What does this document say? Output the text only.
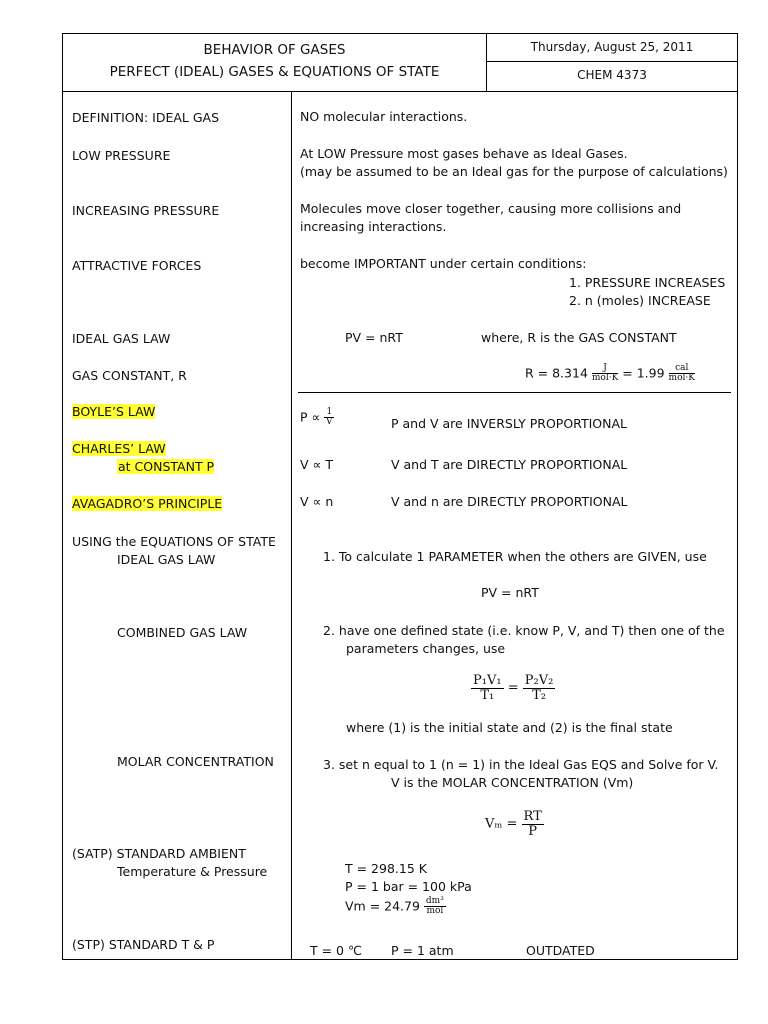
BEHAVIOR OF GASES
PERFECT (IDEAL) GASES & EQUATIONS OF STATE
Thursday, August 25, 2011
CHEM 4373
DEFINITION: IDEAL GAS	NO molecular interactions.
LOW PRESSURE	At LOW Pressure most gases behave as Ideal Gases.
(may be assumed to be an Ideal gas for the purpose of calculations)
INCREASING PRESSURE	Molecules move closer together, causing more collisions and
increasing interactions.
ATTRACTIVE FORCES	become IMPORTANT under certain conditions:
1. PRESSURE INCREASES
2. n (moles) INCREASE
IDEAL GAS LAW	PV = nRT	where, R is the GAS CONSTANT
GAS CONSTANT, R	$R = 8.314 \frac{J}{\text{mol·K}} = 1.99 \frac{\text{cal}}{\text{mol·K}}$
BOYLE’S LAW	$P \propto \frac{1}{V}$	P and V are INVERSLY PROPORTIONAL
CHARLES’ LAW
at CONSTANT P	V ∝ T	V and T are DIRECTLY PROPORTIONAL
AVAGADRO’S PRINCIPLE	V ∝ n	V and n are DIRECTLY PROPORTIONAL
USING the EQUATIONS OF STATE
IDEAL GAS LAW	1. To calculate 1 PARAMETER when the others are GIVEN, use
PV = nRT
COMBINED GAS LAW	2. have one defined state (i.e. know P, V, and T) then one of the
parameters changes, use
$\frac{\text{P₁V₁}}{\text{T₁}} = \frac{\text{P₂V₂}}{\text{T₂}}$
where (1) is the initial state and (2) is the final state
MOLAR CONCENTRATION	3. set n equal to 1 (n = 1) in the Ideal Gas EQS and Solve for V.
V is the MOLAR CONCENTRATION (Vm)
$V_m = \frac{RT}{P}$
(SATP) STANDARD AMBIENT
Temperature & Pressure	T = 298.15 K
P = 1 bar = 100 kPa
$Vm = 24.79 \frac{\text{dm³}}{\text{mol}}$
(STP) STANDARD T & P	T = 0 ℃ P = 1 atm	OUTDATED
